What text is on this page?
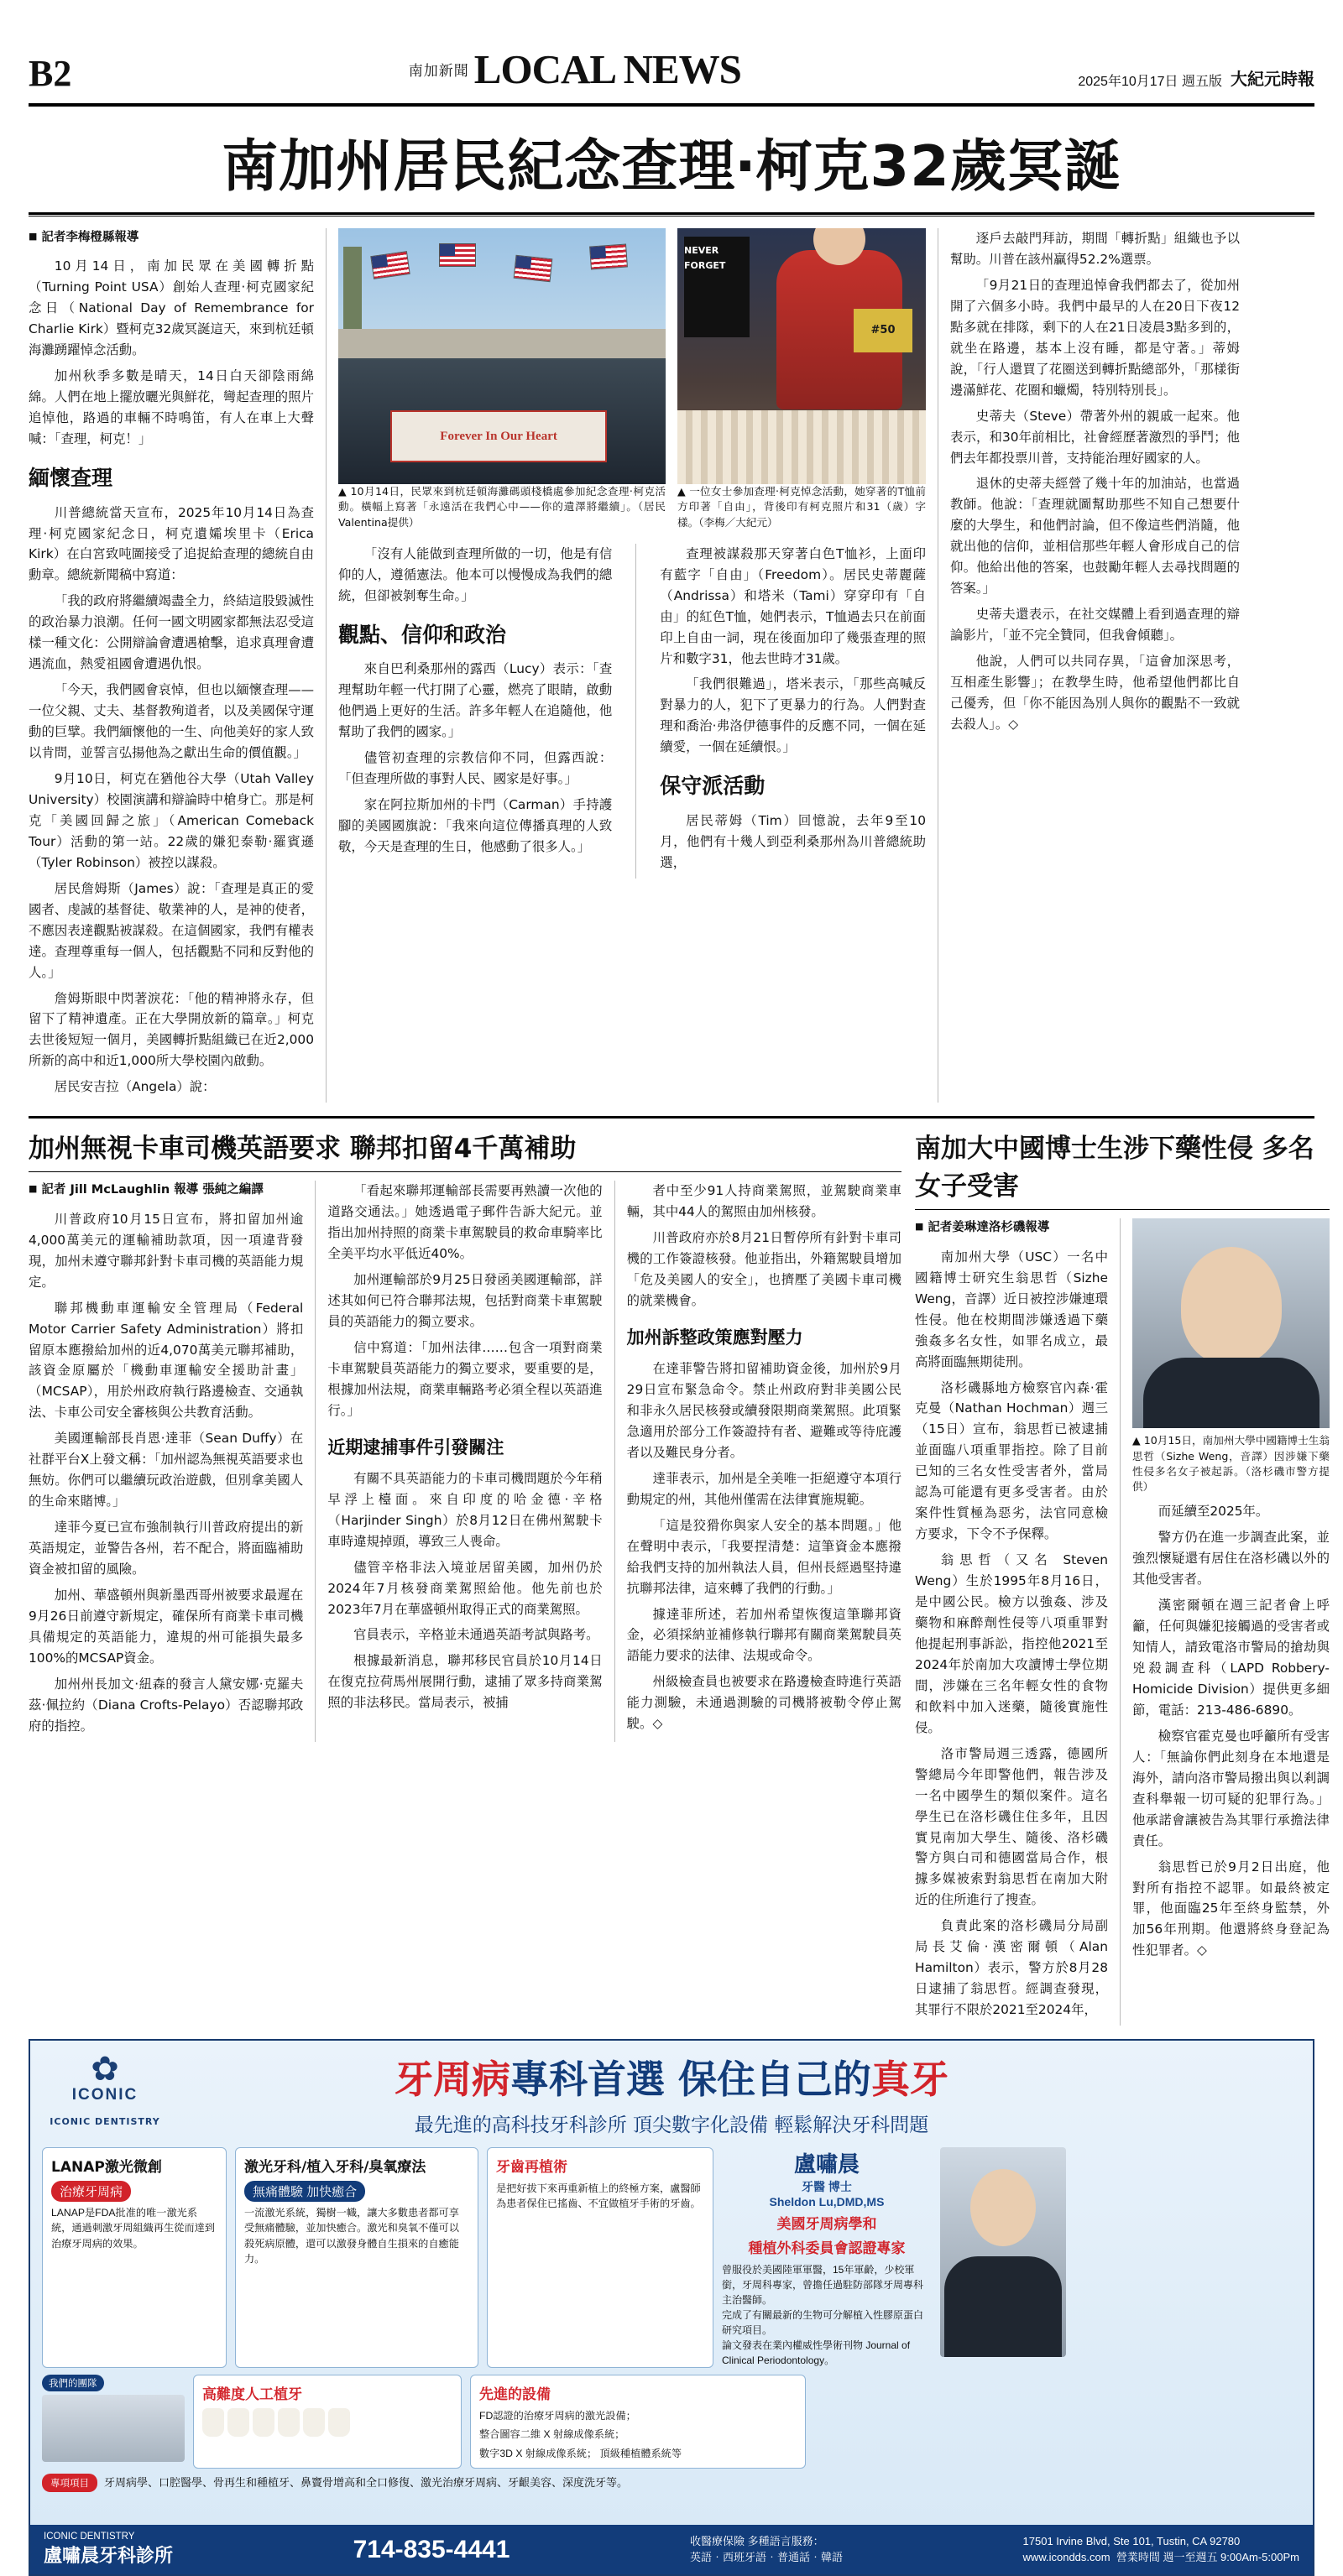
B2	南加新聞 LOCAL NEWS	2025年10月17日 週五版 大紀元時報
南加州居民紀念查理‧柯克32歲冥誕
■ 記者李梅橙縣報導

10月14日，南加民眾在美國轉折點（Turning Point USA）創始人查理‧柯克國家紀念日（National Day of Remembrance for Charlie Kirk）暨柯克32歲冥誕這天，來到杭廷頓海灘踴躍悼念活動。

加州秋季多數是晴天，14日白天卻陰雨綿綿。人們在地上擺放曬光與鮮花，彎起查理的照片追悼他，路過的車輛不時鳴笛，有人在車上大聲喊：「查理，柯克！」

緬懷查理

川普總統當天宣布，2025年10月14日為查理‧柯克國家紀念日，柯克遺孀埃里卡（Erica Kirk）在白宮致吨圖接受了追捉給查理的總統自由勳章。總統新聞稿中寫道：

「我的政府將繼續竭盡全力，終結這股毀滅性的政治暴力浪潮。任何一國文明國家都無法忍受這樣一種文化：公開辯論會遭遇槍擊，追求真理會遭遇流血，熱愛祖國會遭遇仇恨。

「今天，我們國會哀悼，但也以緬懷查理——一位父親、丈夫、基督教殉道者，以及美國保守運動的巨擘。我們緬懷他的一生、向他美好的家人致以肯問，並誓言弘揚他為之獻出生命的價值觀。」

9月10日，柯克在猶他谷大學（Utah Valley University）校園演講和辯論時中槍身亡。那是柯克「美國回歸之旅」（American Comeback Tour）活動的第一站。22歲的嫌犯泰勒‧羅賓遜（Tyler Robinson）被控以謀殺。

居民詹姆斯（James）說：「查理是真正的愛國者、虔誠的基督徒、敬業神的人，是神的使者，不應因表達觀點被謀殺。在這個國家，我們有權表達。查理尊重每一個人，包括觀點不同和反對他的人。」

詹姆斯眼中閃著淚花：「他的精神將永存，但留下了精神遺產。正在大學開放新的篇章。」柯克去世後短短一個月，美國轉折點組織已在近2,000所新的高中和近1,000所大學校園內啟動。

居民安吉拉（Angela）說：

Forever In Our Heart
▲ 10月14日，民眾來到杭廷頓海灘碼頭棧橋處參加紀念查理‧柯克活動。橫幅上寫著「永遠活在我們心中——你的遺澤將繼續」。（居民Valentina提供）
NEVER FORGET
#50
▲ 一位女士參加查理‧柯克悼念活動，她穿著的T恤前方印著「自由」，背後印有柯克照片和31（歲）字樣。（李梅／大紀元）

「沒有人能做到查理所做的一切，他是有信仰的人，遵循憲法。他本可以慢慢成為我們的總統，但卻被剝奪生命。」

觀點、信仰和政治

來自巴利桑那州的露西（Lucy）表示：「查理幫助年輕一代打開了心靈，燃亮了眼睛，啟動他們過上更好的生活。許多年輕人在追隨他，他幫助了我們的國家。」

儘管初查理的宗教信仰不同，但露西說：「但查理所做的事對人民、國家是好事。」

家在阿拉斯加州的卡門（Carman）手持護腳的美國國旗說：「我來向這位傳播真理的人致敬，今天是查理的生日，他感動了很多人。」

查理被謀殺那天穿著白色T恤衫，上面印有藍字「自由」（Freedom）。居民史蒂麗薩（Andrissa）和塔米（Tami）穿穿印有「自由」的紅色T恤，她們表示，T恤過去只在前面印上自由一詞，現在後面加印了幾張查理的照片和數字31，他去世時才31歲。

「我們很難過」，塔米表示，「那些高喊反對暴力的人，犯下了更暴力的行為。人們對查理和喬治‧弗洛伊德事件的反應不同，一個在延續愛，一個在延續恨。」

保守派活動

居民蒂姆（Tim）回憶說，去年9至10月，他們有十幾人到亞利桑那州為川普總統助選，

逐戶去敲門拜訪，期間「轉折點」組織也予以幫助。川普在該州贏得52.2%選票。

「9月21日的查理追悼會我們都去了，從加州開了六個多小時。我們中最早的人在20日下夜12點多就在排隊，剩下的人在21日凌晨3點多到的，就坐在路邊，基本上沒有睡，都是守著。」蒂姆說，「行人還買了花圈送到轉折點總部外，「那樣街邊滿鮮花、花圈和蠟燭，特別特別長」。

史蒂夫（Steve）帶著外州的親戚一起來。他表示，和30年前相比，社會經歷著激烈的爭鬥；他們去年都投票川普，支持能治理好國家的人。

退休的史蒂夫經營了幾十年的加油站，也當過教師。他說：「查理就圖幫助那些不知自己想要什麼的大學生，和他們討論，但不像這些們消隨，他就出他的信仰，並相信那些年輕人會形成自己的信仰。他給出他的答案，也鼓勵年輕人去尋找問題的答案。」

史蒂夫還表示，在社交媒體上看到過查理的辯論影片，「並不完全贊同，但我會傾聽」。

他說，人們可以共同存異，「這會加深思考，互相產生影響」；在教學生時，他希望他們都比自己優秀，但「你不能因為別人與你的觀點不一致就去殺人」。◇

加州無視卡車司機英語要求 聯邦扣留4千萬補助
■ 記者 Jill McLaughlin 報導 張純之編譯

川普政府10月15日宣布，將扣留加州逾4,000萬美元的運輸補助款項，因一項違背發現，加州未遵守聯邦針對卡車司機的英語能力規定。

聯邦機動車運輸安全管理局（Federal Motor Carrier Safety Administration）將扣留原本應撥給加州的近4,070萬美元聯邦補助，該資金原屬於「機動車運輸安全援助計畫」（MCSAP），用於州政府執行路邊檢查、交通執法、卡車公司安全審核與公共教育活動。

美國運輸部長肖恩‧達菲（Sean Duffy）在社群平台X上發文稱：「加州認為無視英語要求也無妨。你們可以繼續玩政治遊戲，但別拿美國人的生命來賭博。」

達菲今夏已宣布強制執行川普政府提出的新英語規定，並警告各州，若不配合，將面臨補助資金被扣留的風險。

加州、華盛頓州與新墨西哥州被要求最遲在9月26日前遵守新規定，確保所有商業卡車司機具備規定的英語能力，違規的州可能損失最多100%的MCSAP資金。

加州州長加文‧紐森的發言人黛安娜‧克羅夫茲‧佩拉約（Diana Crofts-Pelayo）否認聯邦政府的指控。

「看起來聯邦運輸部長需要再熟讀一次他的道路交通法。」她透過電子郵件告訴大紀元。並指出加州持照的商業卡車駕駛員的救命車騎率比全美平均水平低近40%。

加州運輸部於9月25日發函美國運輸部，詳述其如何已符合聯邦法規，包括對商業卡車駕駛員的英語能力的獨立要求。

信中寫道：「加州法律……包含一項對商業卡車駕駛員英語能力的獨立要求，要重要的是，根據加州法規，商業車輛路考必須全程以英語進行。」

近期逮捕事件引發關注

有關不具英語能力的卡車司機問題於今年稍早浮上檯面。來自印度的哈金德‧辛格（Harjinder Singh）於8月12日在佛州駕駛卡車時違規掉頭，導致三人喪命。

儘管辛格非法入境並居留美國，加州仍於2024年7月核發商業駕照給他。他先前也於2023年7月在華盛頓州取得正式的商業駕照。

官員表示，辛格並未通過英語考試與路考。

根據最新消息，聯邦移民官員於10月14日在復克拉荷馬州展開行動，逮捕了眾多持商業駕照的非法移民。當局表示，被捕

者中至少91人持商業駕照，並駕駛商業車輛，其中44人的駕照由加州核發。

川普政府亦於8月21日暫停所有針對卡車司機的工作簽證核發。他並指出，外籍駕駛員增加「危及美國人的安全」，也擠壓了美國卡車司機的就業機會。

加州訴整政策應對壓力

在達菲警告將扣留補助資金後，加州於9月29日宣布緊急命令。禁止州政府對非美國公民和非永久居民核發或續發限期商業駕照。此項緊急適用於部分工作簽證持有者、避難或等待庇護者以及難民身分者。

達菲表示，加州是全美唯一拒絕遵守本項行動規定的州，其他州僅需在法律實施規範。

「這是狡猾你與家人安全的基本問題。」他在聲明中表示，「我要捏清楚：這筆資金本應撥給我們支持的加州執法人員，但州長經過堅持違抗聯邦法律，這來轉了我們的行動。」

據達菲所述，若加州希望恢復這筆聯邦資金，必須採納並補修執行聯邦有關商業駕駛員英語能力要求的法律、法規或命令。

州級檢查員也被要求在路邊檢查時進行英語能力測驗，未通過測驗的司機將被勒令停止駕駛。◇

南加大中國博士生涉下藥性侵 多名女子受害
■ 記者姜琳達洛杉磯報導

南加州大學（USC）一名中國籍博士研究生翁思哲（Sizhe Weng，音譯）近日被控涉嫌連環性侵。他在校期間涉嫌透過下藥強姦多名女性，如罪名成立，最高將面臨無期徒刑。

洛杉磯縣地方檢察官內森‧霍克曼（Nathan Hochman）週三（15日）宣布，翁思哲已被逮捕並面臨八項重罪指控。除了目前已知的三名女性受害者外，當局認為可能還有更多受害者。由於案件性質極為惡劣，法官同意檢方要求，下令不予保釋。

翁思哲（又名 Steven Weng）生於1995年8月16日，是中國公民。檢方以強姦、涉及藥物和麻醉劑性侵等八項重罪對他提起刑事訴訟，指控他2021至2024年於南加大攻讀博士學位期間，涉嫌在三名年輕女性的食物和飲料中加入迷藥，隨後實施性侵。

洛市警局週三透露，德國所警總局今年即警他們，報告涉及一名中國學生的類似案件。這名學生已在洛杉磯住住多年，且因實見南加大學生、隨後、洛杉磯警方與白司和德國當局合作，根據多媒被索對翁思哲在南加大附近的住所進行了搜查。

負責此案的洛杉磯局分局副局長艾倫‧漢密爾頓（Alan Hamilton）表示，警方於8月28日逮捕了翁思哲。經調查發現，其罪行不限於2021至2024年，

▲ 10月15日，南加州大學中國籍博士生翁思哲（Sizhe Weng，音譯）因涉嫌下藥性侵多名女子被起訴。（洛杉磯市警方提供）

而延續至2025年。

警方仍在進一步調查此案，並強烈懷疑還有居住在洛杉磯以外的其他受害者。

漢密爾頓在週三記者會上呼籲，任何與嫌犯接觸過的受害者或知情人，請致電洛市警局的搶劫與兇殺調查科（LAPD Robbery-Homicide Division）提供更多細節，電話：213-486-6890。

檢察官霍克曼也呼籲所有受害人：「無論你們此刻身在本地還是海外，請向洛市警局撥出與以剎調查科舉報一切可疑的犯罪行為。」他承諾會讓被告為其罪行承擔法律責任。

翁思哲已於9月2日出庭，他對所有指控不認罪。如最終被定罪，他面臨25年至終身監禁，外加56年刑期。他還將終身登記為性犯罪者。◇

✿
ICONIC
ICONIC DENTISTRY
牙周病專科首選 保住自己的真牙
最先進的高科技牙科診所 頂尖數字化設備 輕鬆解決牙科問題
LANAP激光微創
治療牙周病

LANAP是FDA批准的唯一激光系統，通過刺激牙周組織再生從而達到治療牙周病的效果。

激光牙科/植入牙科/臭氧療法
無痛體驗 加快癒合

一流激光系統，獨樹一幟，讓大多數患者都可享受無痛體驗，並加快癒合。激光和臭氧不僅可以殺死病原體，還可以激發身體自生損來的自癒能力。

牙齒再植術

是把好拔下來再重新植上的終極方案，盧醫師為患者保住已搖齒、不宜做植牙手術的牙齒。

盧嘯晨
牙醫 博士
Sheldon Lu,DMD,MS
美國牙周病學和
種植外科委員會認證專家
曾服役於美國陸軍軍醫，15年軍齡，少校軍銜，牙周科專家，曾擔任過駐防部隊牙周專科主治醫師。
完成了有關最新的生物可分解植入性膠原蛋白研究項目。
論文發表在業內權威性學術刊物 Journal of Clinical Periodontology。
我們的團隊
高難度人工植牙	先進的設備

FD認證的治療牙周病的激光設備；

整合圖容二維 X 射線成像系統；

數字3D X 射線成像系統； 頂級種植體系統等

專項項目	牙周病學、口腔醫學、骨再生和種植牙、鼻竇骨增高和全口修復、激光治療牙周病、牙齦美容、深度洗牙等。
ICONIC DENTISTRY
盧嘯晨牙科診所	714-835-4441	收醫療保險 多種語言服務：
英語‧西班牙語‧普通話‧韓語
17501 Irvine Blvd, Ste 101, Tustin, CA 92780
www.icondds.com 營業時間 週一至週五 9:00Am-5:00Pm
